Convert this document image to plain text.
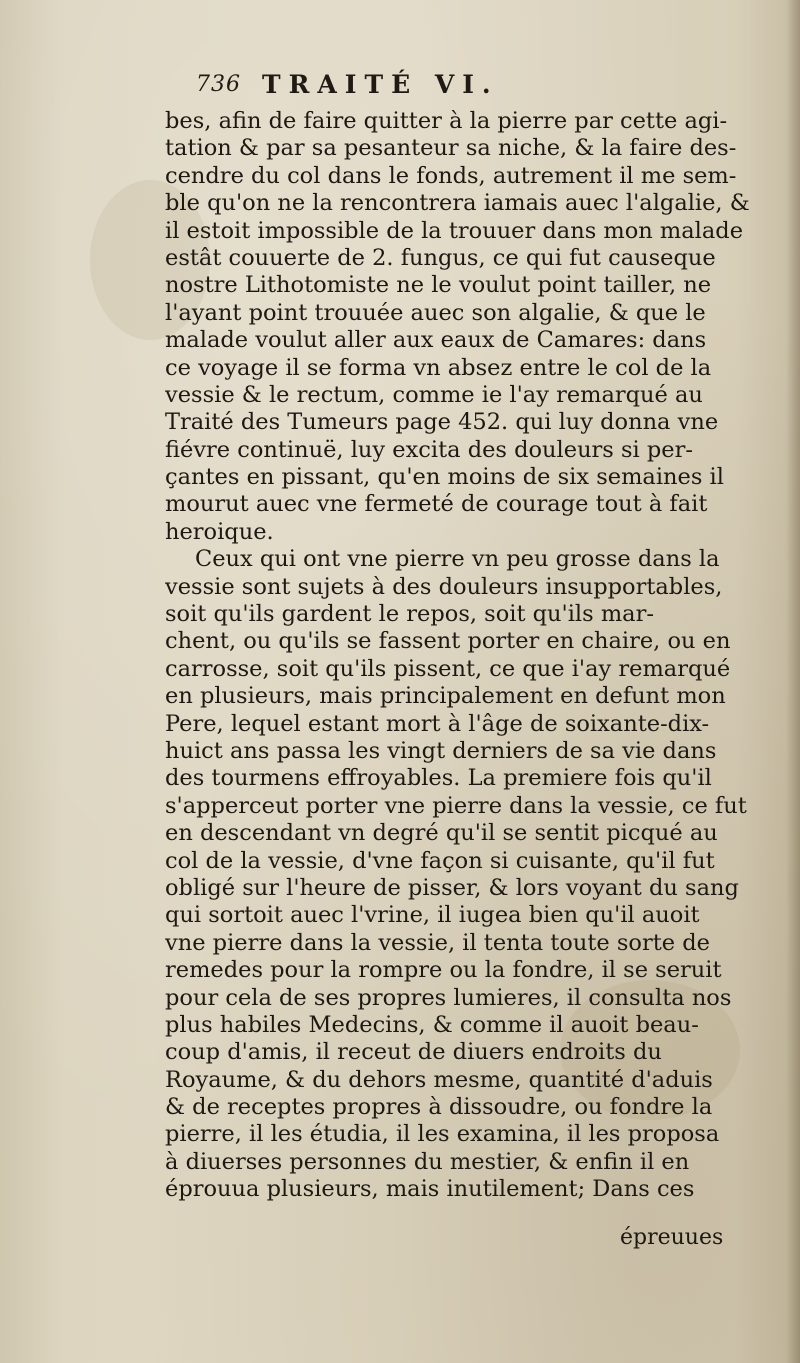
736 TRAITÉ VI.
bes, afin de faire quitter à la pierre par cette agi-
tation & par sa pesanteur sa niche, & la faire des-
cendre du col dans le fonds, autrement il me sem-
ble qu'on ne la rencontrera iamais auec l'algalie, &
il estoit impossible de la trouuer dans mon malade
estât couuerte de 2. fungus, ce qui fut causeque
nostre Lithotomiste ne le voulut point tailler, ne
l'ayant point trouuée auec son algalie, & que le
malade voulut aller aux eaux de Camares: dans
ce voyage il se forma vn absez entre le col de la
vessie & le rectum, comme ie l'ay remarqué au
Traité des Tumeurs page 452. qui luy donna vne
fiévre continuë, luy excita des douleurs si per-
çantes en pissant, qu'en moins de six semaines il
mourut auec vne fermeté de courage tout à fait
heroique.
Ceux qui ont vne pierre vn peu grosse dans la
vessie sont sujets à des douleurs insupportables,
soit qu'ils gardent le repos, soit qu'ils mar-
chent, ou qu'ils se fassent porter en chaire, ou en
carrosse, soit qu'ils pissent, ce que i'ay remarqué
en plusieurs, mais principalement en defunt mon
Pere, lequel estant mort à l'âge de soixante-dix-
huict ans passa les vingt derniers de sa vie dans
des tourmens effroyables. La premiere fois qu'il
s'apperceut porter vne pierre dans la vessie, ce fut
en descendant vn degré qu'il se sentit picqué au
col de la vessie, d'vne façon si cuisante, qu'il fut
obligé sur l'heure de pisser, & lors voyant du sang
qui sortoit auec l'vrine, il iugea bien qu'il auoit
vne pierre dans la vessie, il tenta toute sorte de
remedes pour la rompre ou la fondre, il se seruit
pour cela de ses propres lumieres, il consulta nos
plus habiles Medecins, & comme il auoit beau-
coup d'amis, il receut de diuers endroits du
Royaume, & du dehors mesme, quantité d'aduis
& de receptes propres à dissoudre, ou fondre la
pierre, il les étudia, il les examina, il les proposa
à diuerses personnes du mestier, & enfin il en
éprouua plusieurs, mais inutilement; Dans ces
épreuues
